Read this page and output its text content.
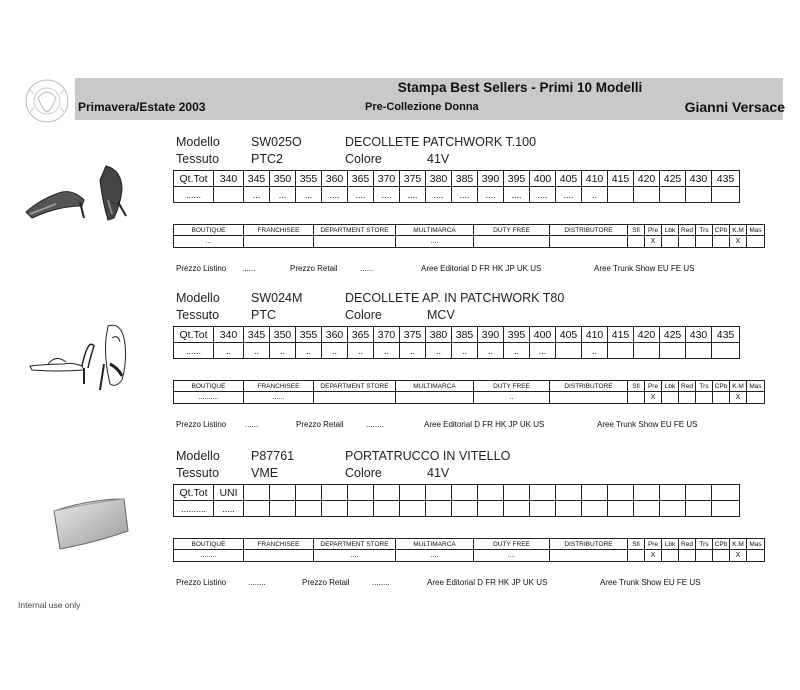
Stampa Best Sellers - Primi 10 Modelli
Primavera/Estate 2003	Pre-Collezione Donna	Gianni Versace
Modello SW025O	DECOLLETE PATCHWORK T.100
Tessuto	PTC2	Colore	41V
Qt.Tot	340	345	350	355	360	365	370	375	380	385	390	395	400	405	410	415	420	425	430	435
......		...	...	...	....	....	....	....	....	....	....	....	....	....	..					
BOUTIQUE	FRANCHISEE	DEPARTMENT STORE	MULTIMARCA	DUTY FREE	DISTRIBUTORE	Sfi	Pre	Lbk	Red	Trs	CPb	K.M	Mas
...			....				X					X	
Prezzo Listino ......	Prezzo Retail	......	Aree Editorial D FR HK JP UK US	Aree Trunk Show EU FE US
Modello SW024M	DECOLLETE AP. IN PATCHWORK T80
Tessuto	PTC	Colore	MCV
Qt.Tot	340	345	350	355	360	365	370	375	380	385	390	395	400	405	410	415	420	425	430	435
......	..	..	..	..	..	..	..	..	..	..	..	..	...		..					
BOUTIQUE	FRANCHISEE	DEPARTMENT STORE	MULTIMARCA	DUTY FREE	DISTRIBUTORE	Sfi	Pre	Lbk	Red	Trs	CPb	K.M	Mas
..........	......			..			X					X	
Prezzo Listino ......	Prezzo Retail	........	Aree Editorial D FR HK JP UK US	Aree Trunk Show EU FE US
Modello P87761	PORTATRUCCO IN VITELLO
Tessuto	VME	Colore	41V
Qt.Tot	UNI																			
..........	.....																			
BOUTIQUE	FRANCHISEE	DEPARTMENT STORE	MULTIMARCA	DUTY FREE	DISTRIBUTORE	Sfi	Pre	Lbk	Red	Trs	CPb	K.M	Mas
........		....	....	....			X					X	
Prezzo Listino	........	Prezzo Retail	........	Aree Editorial D FR HK JP UK US	Aree Trunk Show EU FE US
Internal use only
